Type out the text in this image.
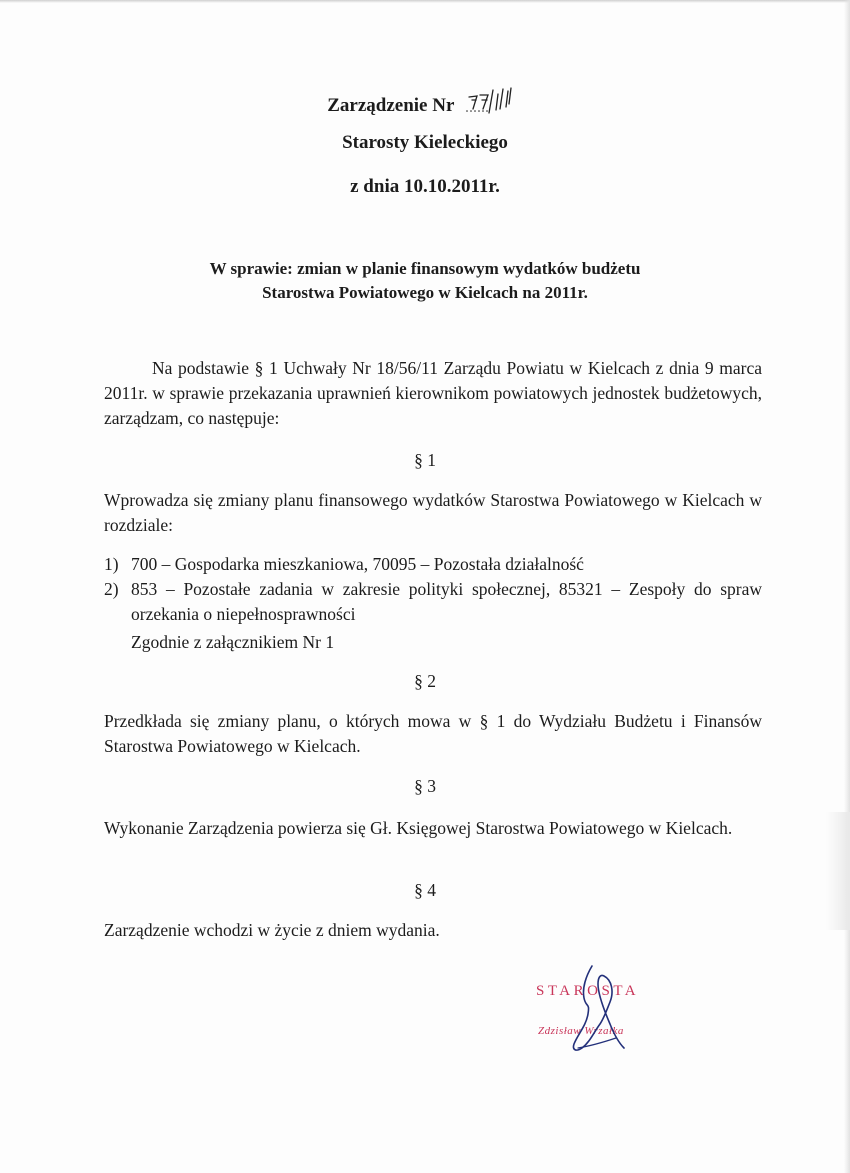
Zarządzenie Nr
Starosty Kieleckiego
z dnia 10.10.2011r.

W sprawie: zmian w planie finansowym wydatków budżetu

Starostwa Powiatowego w Kielcach na 2011r.

Na podstawie § 1 Uchwały Nr 18/56/11 Zarządu Powiatu w Kielcach z dnia 9 marca 2011r. w sprawie przekazania uprawnień kierownikom powiatowych jednostek budżetowych, zarządzam, co następuje:

§ 1

Wprowadza się zmiany planu finansowego wydatków Starostwa Powiatowego w Kielcach w rozdziale:

1) 700 – Gospodarka mieszkaniowa, 70095 – Pozostała działalność
2) 853 – Pozostałe zadania w zakresie polityki społecznej, 85321 – Zespoły do spraw orzekania o niepełnosprawności

Zgodnie z załącznikiem Nr 1

§ 2

Przedkłada się zmiany planu, o których mowa w § 1 do Wydziału Budżetu i Finansów Starostwa Powiatowego w Kielcach.

§ 3

Wykonanie Zarządzenia powierza się Gł. Księgowej Starostwa Powiatowego w Kielcach.

§ 4

Zarządzenie wchodzi w życie z dniem wydania.

STAROSTA
Zdzisław Wrzałka
